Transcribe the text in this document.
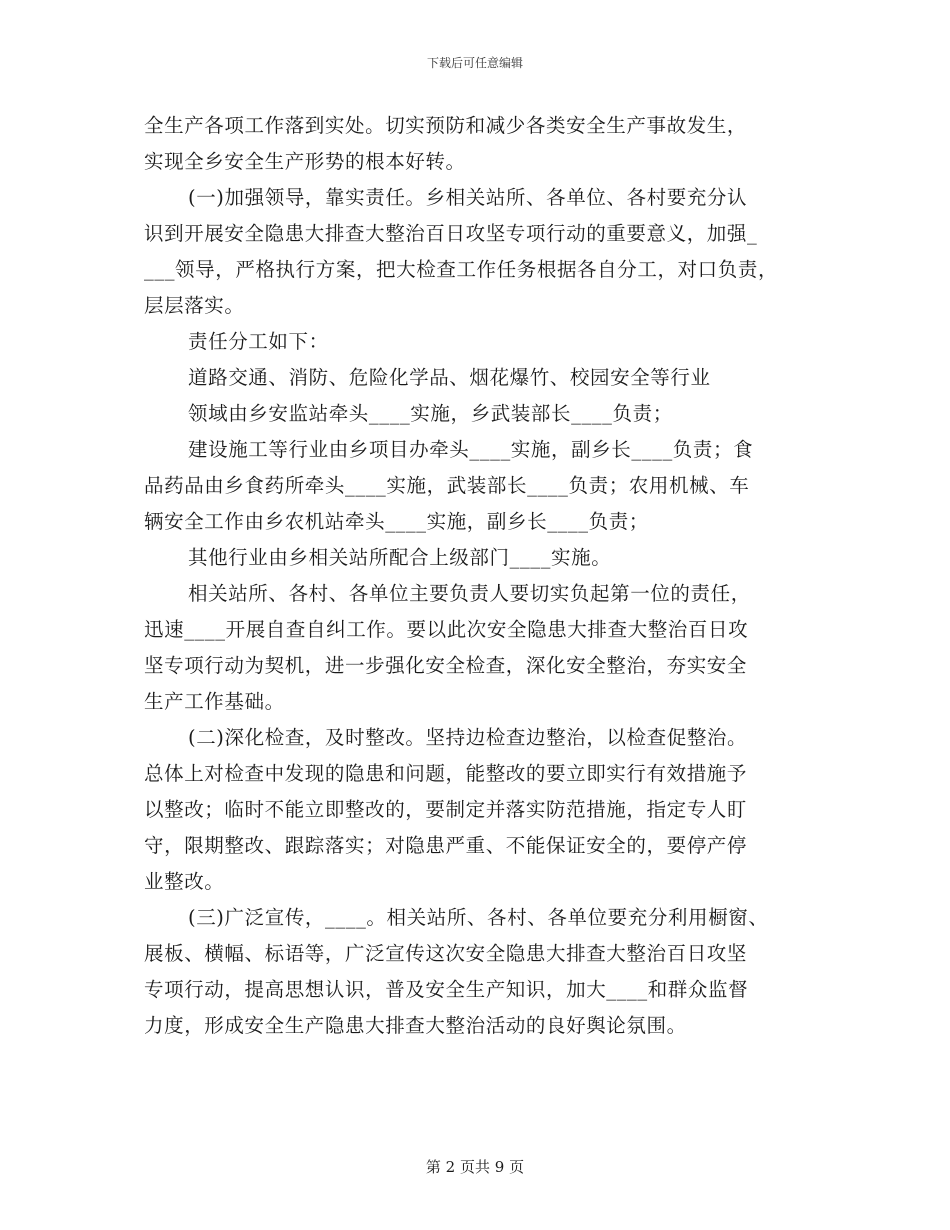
下载后可任意编辑
全生产各项工作落到实处。切实预防和减少各类安全生产事故发生，
实现全乡安全生产形势的根本好转。
(一)加强领导，靠实责任。乡相关站所、各单位、各村要充分认
识到开展安全隐患大排查大整治百日攻坚专项行动的重要意义，加强_
___领导，严格执行方案，把大检查工作任务根据各自分工，对口负责，
层层落实。
责任分工如下：
道路交通、消防、危险化学品、烟花爆竹、校园安全等行业
领域由乡安监站牵头____实施，乡武装部长____负责；
建设施工等行业由乡项目办牵头____实施，副乡长____负责；食
品药品由乡食药所牵头____实施，武装部长____负责；农用机械、车
辆安全工作由乡农机站牵头____实施，副乡长____负责；
其他行业由乡相关站所配合上级部门____实施。
相关站所、各村、各单位主要负责人要切实负起第一位的责任，
迅速____开展自查自纠工作。要以此次安全隐患大排查大整治百日攻
坚专项行动为契机，进一步强化安全检查，深化安全整治，夯实安全
生产工作基础。
(二)深化检查，及时整改。坚持边检查边整治，以检查促整治。
总体上对检查中发现的隐患和问题，能整改的要立即实行有效措施予
以整改；临时不能立即整改的，要制定并落实防范措施，指定专人盯
守，限期整改、跟踪落实；对隐患严重、不能保证安全的，要停产停
业整改。
(三)广泛宣传，____。相关站所、各村、各单位要充分利用橱窗、
展板、横幅、标语等，广泛宣传这次安全隐患大排查大整治百日攻坚
专项行动，提高思想认识，普及安全生产知识，加大____和群众监督
力度，形成安全生产隐患大排查大整治活动的良好舆论氛围。
第 2 页共 9 页
